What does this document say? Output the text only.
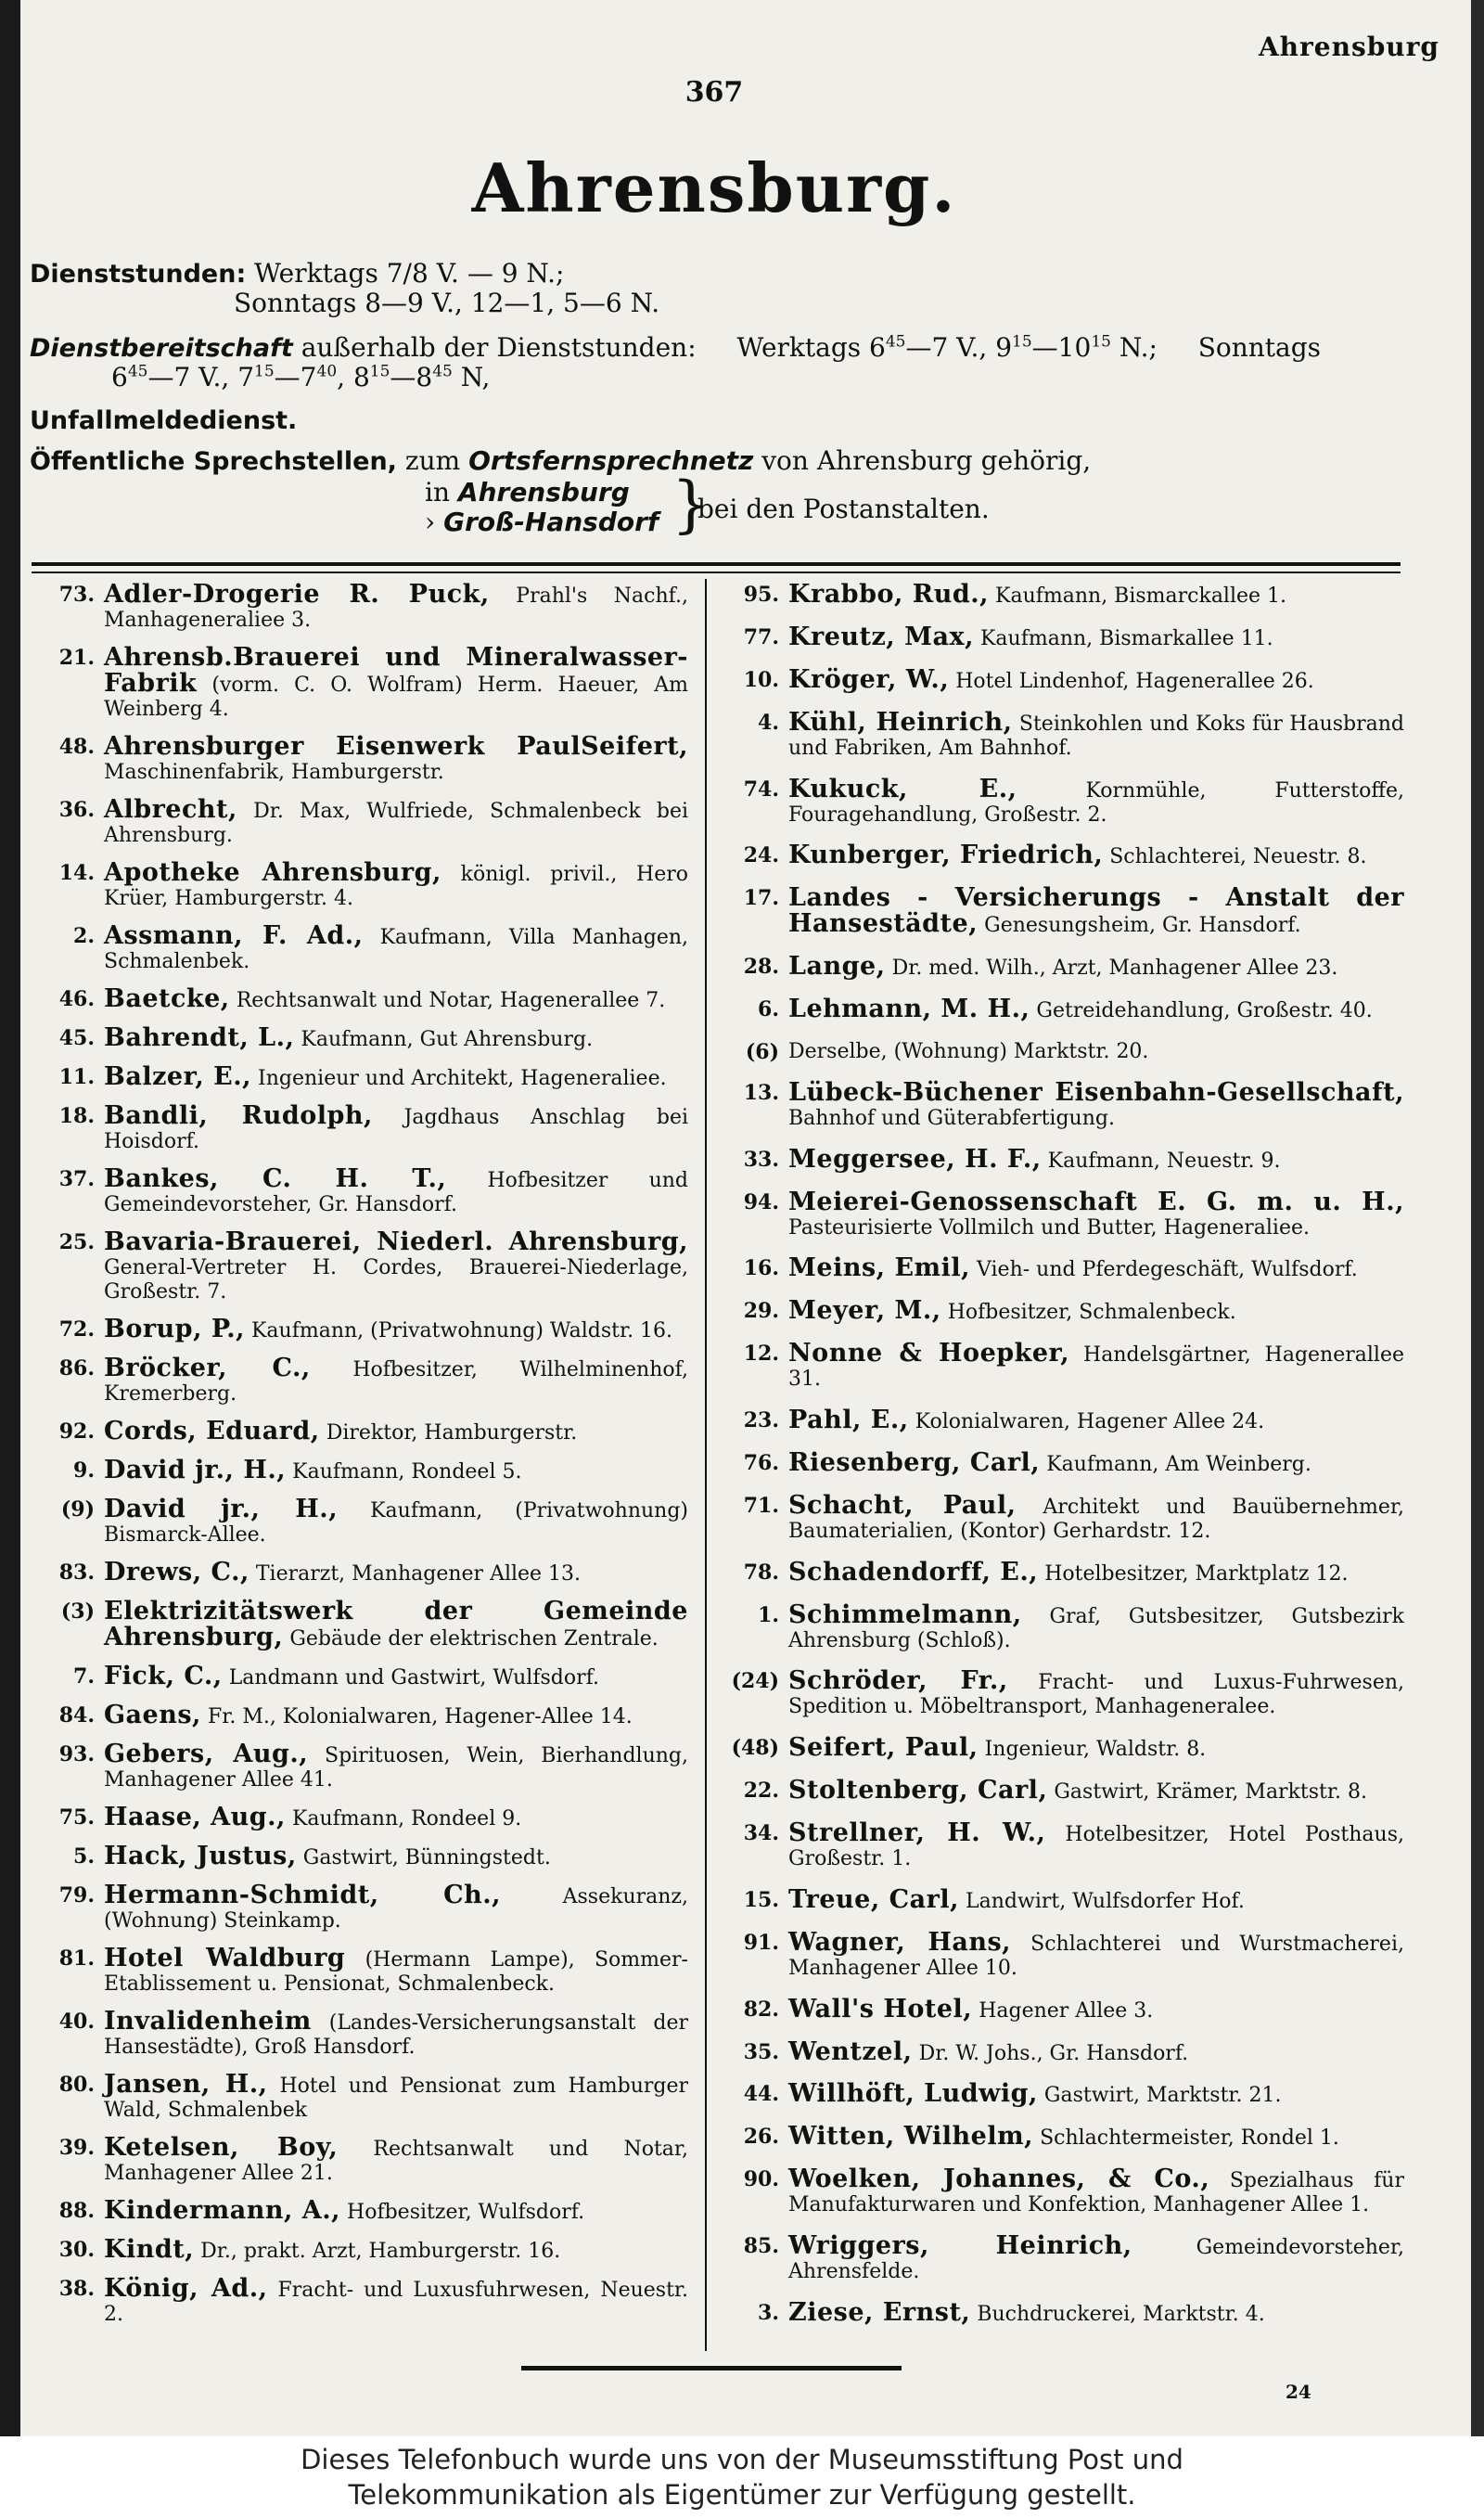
Ahrensburg
367
Ahrensburg.
Dienststunden: Werktags 7/8 V. — 9 N.;
Sonntags 8—9 V., 12—1, 5—6 N.
Dienstbereitschaft außerhalb der Dienststunden: Werktags $6^{45}—7$ V., $9^{15}—10^{15}$ N.;  Sonntags
$6^{45}—7$ V., $7^{15}—7^{40}$, $8^{15}—8^{45}$ N,
Unfallmeldedienst.
Öffentliche Sprechstellen, zum Ortsfernsprechnetz von Ahrensburg gehörig,
in Ahrensburg
› Groß-Hansdorf }
bei den Postanstalten.
73. Adler-Drogerie R. Puck, Prahl's Nachf., Manhageneraliee 3.
21. Ahrensb.Brauerei und Mineralwasser-Fabrik (vorm. C. O. Wolfram) Herm. Haeuer, Am Weinberg 4.
48. Ahrensburger Eisenwerk PaulSeifert, Maschinenfabrik, Hamburgerstr.
36. Albrecht, Dr. Max, Wulfriede, Schmalenbeck bei Ahrensburg.
14. Apotheke Ahrensburg, königl. privil., Hero Krüer, Hamburgerstr. 4.
2. Assmann, F. Ad., Kaufmann, Villa Manhagen, Schmalenbek.
46. Baetcke, Rechtsanwalt und Notar, Hagenerallee 7.
45. Bahrendt, L., Kaufmann, Gut Ahrensburg.
11. Balzer, E., Ingenieur und Architekt, Hageneraliee.
18. Bandli, Rudolph, Jagdhaus Anschlag bei Hoisdorf.
37. Bankes, C. H. T., Hofbesitzer und Gemeindevorsteher, Gr. Hansdorf.
25. Bavaria-Brauerei, Niederl. Ahrensburg, General-Vertreter H. Cordes, Brauerei-Niederlage, Großestr. 7.
72. Borup, P., Kaufmann, (Privatwohnung) Waldstr. 16.
86. Bröcker, C., Hofbesitzer, Wilhelminenhof, Kremerberg.
92. Cords, Eduard, Direktor, Hamburgerstr.
9. David jr., H., Kaufmann, Rondeel 5.
(9) David jr., H., Kaufmann, (Privatwohnung) Bismarck-Allee.
83. Drews, C., Tierarzt, Manhagener Allee 13.
(3) Elektrizitätswerk der Gemeinde Ahrensburg, Gebäude der elektrischen Zentrale.
7. Fick, C., Landmann und Gastwirt, Wulfsdorf.
84. Gaens, Fr. M., Kolonialwaren, Hagener-Allee 14.
93. Gebers, Aug., Spirituosen, Wein, Bierhandlung, Manhagener Allee 41.
75. Haase, Aug., Kaufmann, Rondeel 9.
5. Hack, Justus, Gastwirt, Bünningstedt.
79. Hermann-Schmidt, Ch.,	Assekuranz, (Wohnung) Steinkamp.
81. Hotel Waldburg (Hermann Lampe), Sommer-Etablissement u. Pensionat, Schmalenbeck.
40. Invalidenheim (Landes-Versicherungsanstalt der Hansestädte), Groß Hansdorf.
80. Jansen, H., Hotel und Pensionat zum Hamburger Wald, Schmalenbek
39. Ketelsen, Boy, Rechtsanwalt und Notar, Manhagener Allee 21.
88. Kindermann, A., Hofbesitzer, Wulfsdorf.
30. Kindt, Dr., prakt. Arzt, Hamburgerstr. 16.
38. König, Ad., Fracht- und Luxusfuhrwesen, Neuestr. 2.
95. Krabbo, Rud., Kaufmann, Bismarckallee 1.
77. Kreutz, Max, Kaufmann, Bismarkallee 11.
10. Kröger, W., Hotel Lindenhof, Hagenerallee 26.
4. Kühl, Heinrich, Steinkohlen und Koks für Hausbrand und Fabriken, Am Bahnhof.
74. Kukuck, E.,	Kornmühle, Futterstoffe, Fouragehandlung, Großestr. 2.
24. Kunberger, Friedrich, Schlachterei, Neuestr. 8.
17. Landes - Versicherungs - Anstalt der Hansestädte, Genesungsheim, Gr. Hansdorf.
28. Lange, Dr. med. Wilh., Arzt, Manhagener Allee 23.
6. Lehmann, M. H., Getreidehandlung, Großestr. 40.
(6) Derselbe, (Wohnung) Marktstr. 20.
13. Lübeck-Büchener Eisenbahn-Gesellschaft, Bahnhof und Güterabfertigung.
33. Meggersee, H. F., Kaufmann, Neuestr. 9.
94. Meierei-Genossenschaft E. G. m. u. H., Pasteurisierte Vollmilch und Butter, Hageneraliee.
16. Meins, Emil, Vieh- und Pferdegeschäft, Wulfsdorf.
29. Meyer, M., Hofbesitzer, Schmalenbeck.
12. Nonne & Hoepker, Handelsgärtner, Hagenerallee 31.
23. Pahl, E., Kolonialwaren, Hagener Allee 24.
76. Riesenberg, Carl, Kaufmann, Am Weinberg.
71. Schacht, Paul, Architekt und Bauübernehmer, Baumaterialien, (Kontor) Gerhardstr. 12.
78. Schadendorff, E., Hotelbesitzer, Marktplatz 12.
1. Schimmelmann, Graf, Gutsbesitzer, Gutsbezirk Ahrensburg (Schloß).
(24) Schröder, Fr., Fracht- und Luxus-Fuhrwesen, Spedition u. Möbeltransport, Manhageneralee.
(48) Seifert, Paul, Ingenieur, Waldstr. 8.
22. Stoltenberg, Carl, Gastwirt, Krämer, Marktstr. 8.
34. Strellner, H. W., Hotelbesitzer, Hotel Posthaus, Großestr. 1.
15. Treue, Carl, Landwirt, Wulfsdorfer Hof.
91. Wagner, Hans, Schlachterei und Wurstmacherei, Manhagener Allee 10.
82. Wall's Hotel, Hagener Allee 3.
35. Wentzel, Dr. W. Johs., Gr. Hansdorf.
44. Willhöft, Ludwig, Gastwirt, Marktstr. 21.
26. Witten, Wilhelm, Schlachtermeister, Rondel 1.
90. Woelken, Johannes, & Co., Spezialhaus für Manufakturwaren und Konfektion, Manhagener Allee 1.
85. Wriggers, Heinrich,	Gemeindevorsteher, Ahrensfelde.
3. Ziese, Ernst, Buchdruckerei, Marktstr. 4.
24
Dieses Telefonbuch wurde uns von der Museumsstiftung Post und
Telekommunikation als Eigentümer zur Verfügung gestellt.
